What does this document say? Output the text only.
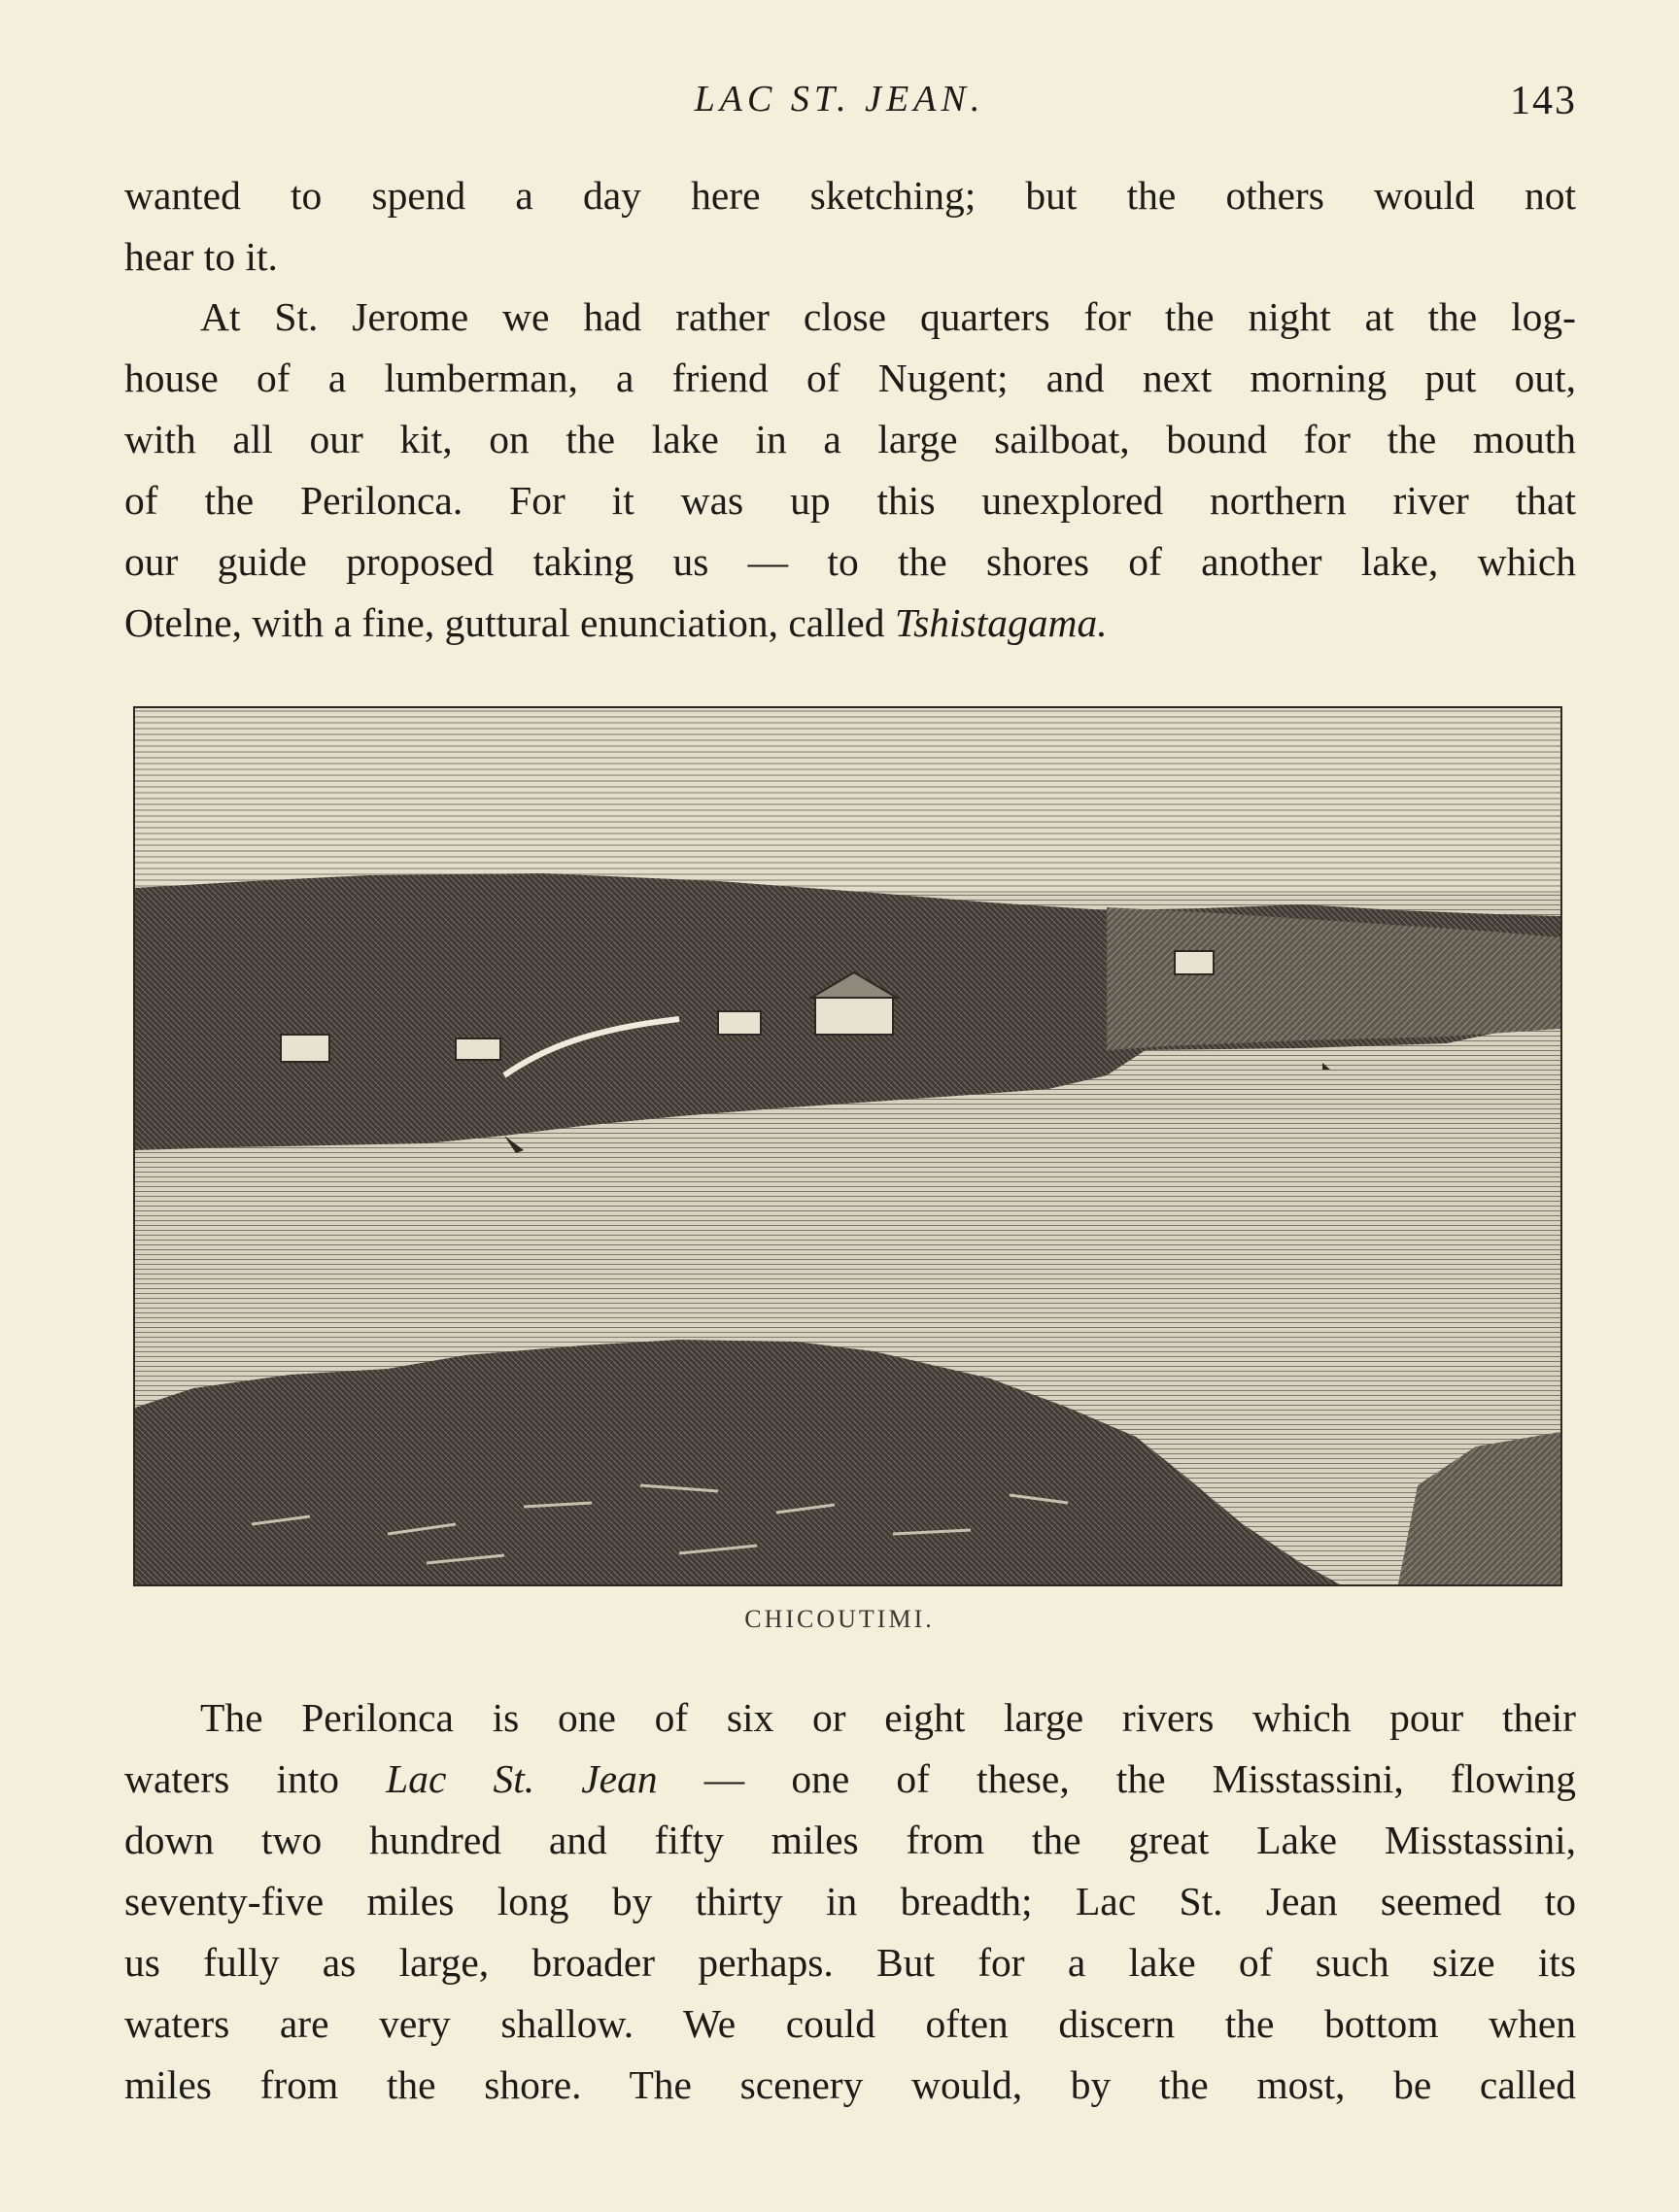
LAC ST. JEAN.	143
wanted to spend a day here sketching; but the others would not
hear to it.
At St. Jerome we had rather close quarters for the night at the log-
house of a lumberman, a friend of Nugent; and next morning put out,
with all our kit, on the lake in a large sailboat, bound for the mouth
of the Perilonca. For it was up this unexplored northern river that
our guide proposed taking us — to the shores of another lake, which
Otelne, with a fine, guttural enunciation, called Tshistagama.
CHICOUTIMI.
The Perilonca is one of six or eight large rivers which pour their
waters into Lac St. Jean — one of these, the Misstassini, flowing
down two hundred and fifty miles from the great Lake Misstassini,
seventy-five miles long by thirty in breadth; Lac St. Jean seemed to
us fully as large, broader perhaps. But for a lake of such size its
waters are very shallow. We could often discern the bottom when
miles from the shore. The scenery would, by the most, be called
